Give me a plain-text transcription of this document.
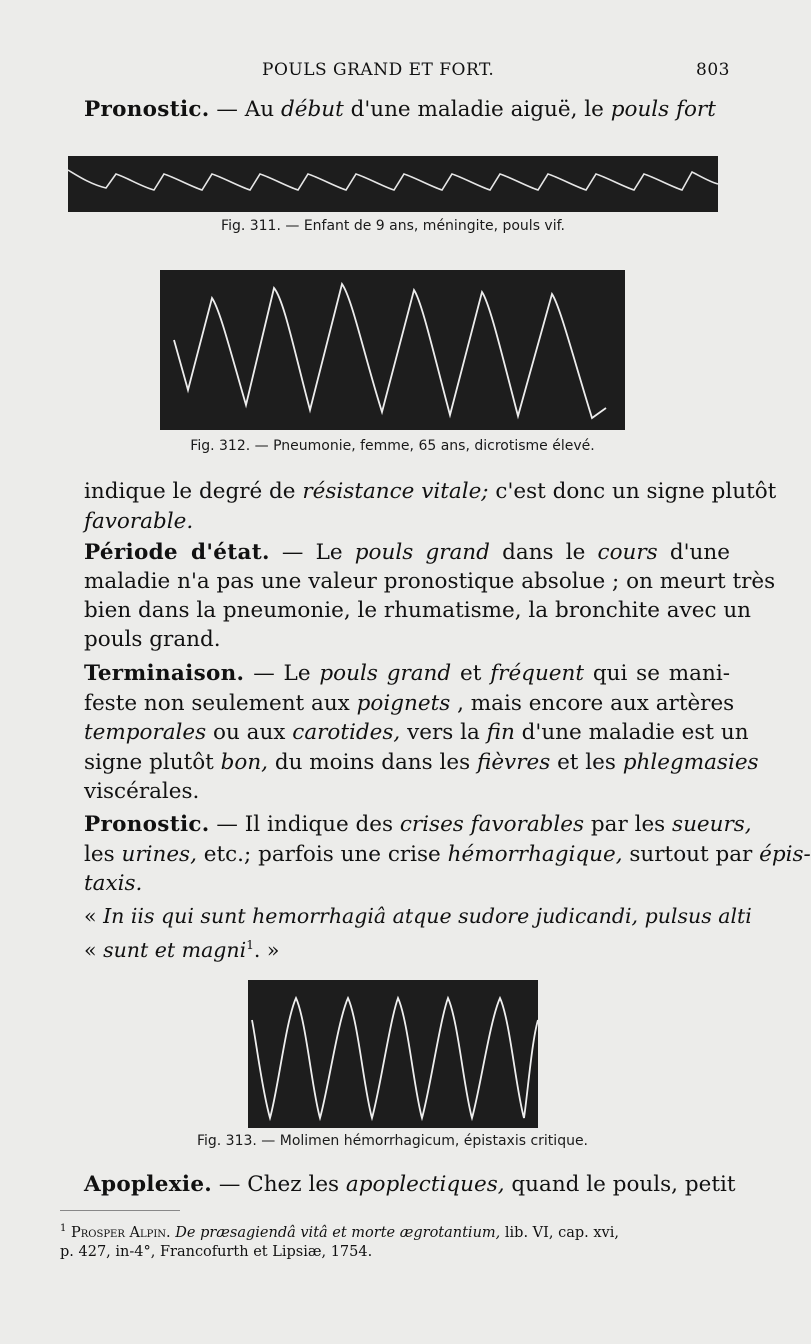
POULS GRAND ET FORT.	803
Pronostic. — Au début d'une maladie aiguë, le pouls fort
Fig. 311. — Enfant de 9 ans, méningite, pouls vif.
Fig. 312. — Pneumonie, femme, 65 ans, dicrotisme élevé.
indique le degré de résistance vitale; c'est donc un signe plutôt
favorable.
Période d'état. — Le pouls grand dans le cours d'une
maladie n'a pas une valeur pronostique absolue ; on meurt très
bien dans la pneumonie, le rhumatisme, la bronchite avec un
pouls grand.
Terminaison. — Le pouls grand et fréquent qui se mani-
feste non seulement aux poignets , mais encore aux artères
temporales ou aux carotides, vers la fin d'une maladie est un
signe plutôt bon, du moins dans les fièvres et les phlegmasies
viscérales.
Pronostic. — Il indique des crises favorables par les sueurs,
les urines, etc.; parfois une crise hémorrhagique, surtout par épis-
taxis.
« In iis qui sunt hemorrhagiâ atque sudore judicandi, pulsus alti
« sunt et magni$^1$. »
Fig. 313. — Molimen hémorrhagicum, épistaxis critique.
Apoplexie. — Chez les apoplectiques, quand le pouls, petit
$^1$ Prosper Alpin. De præsagiendâ vitâ et morte ægrotantium, lib. VI, cap. xvi,
p. 427, in-4°, Francofurth et Lipsiæ, 1754.
